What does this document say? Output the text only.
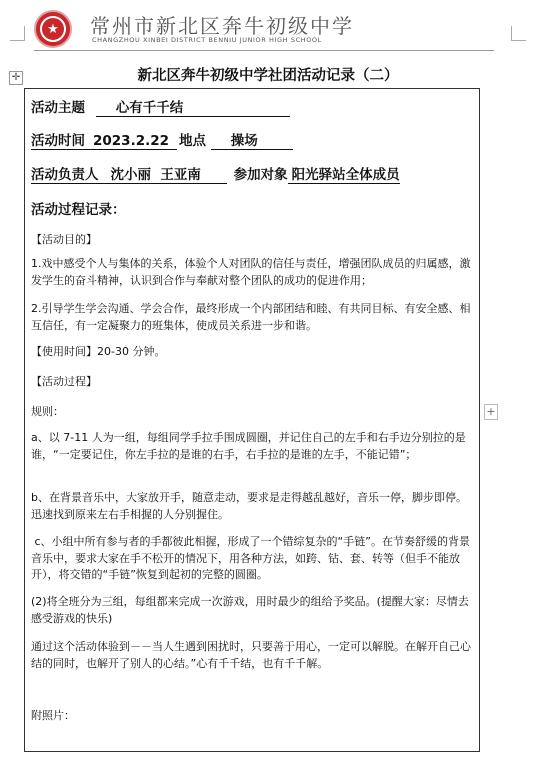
★	常州市新北区奔牛初级中学
CHANGZHOU XINBEI DISTRICT BENNIU JUNIOR HIGH SCHOOL
✛	新北区奔牛初级中学社团活动记录（二）
+
活动主题 心有千千结
活动时间 2023.2.22 地点 操场
活动负责人 沈小丽  王亚南 参加对象 阳光驿站全体成员
活动过程记录：

【活动目的】

1.戏中感受个人与集体的关系，体验个人对团队的信任与责任，增强团队成员的归属感，激发学生的奋斗精神，认识到合作与奉献对整个团队的成功的促进作用；

2.引导学生学会沟通、学会合作，最终形成一个内部团结和睦、有共同目标、有安全感、相互信任，有一定凝聚力的班集体，使成员关系进一步和谐。

【使用时间】20-30 分钟。

【活动过程】

规则：

a、以 7-11 人为一组，每组同学手拉手围成圆圈，并记住自己的左手和右手边分别拉的是谁，“一定要记住，你左手拉的是谁的右手，右手拉的是谁的左手，不能记错”；

b、在背景音乐中，大家放开手，随意走动，要求是走得越乱越好，音乐一停，脚步即停。迅速找到原来左右手相握的人分别握住。

c、小组中所有参与者的手都彼此相握，形成了一个错综复杂的“手链”。在节奏舒缓的背景音乐中，要求大家在手不松开的情况下，用各种方法，如跨、钻、套、转等（但手不能放开），将交错的“手链”恢复到起初的完整的圆圈。

(2)将全班分为三组，每组都来完成一次游戏，用时最少的组给予奖品。(提醒大家：尽情去感受游戏的快乐)

通过这个活动体验到－－当人生遇到困扰时，只要善于用心，一定可以解脱。在解开自己心结的同时，也解开了别人的心结。”心有千千结，也有千千解。

附照片：
